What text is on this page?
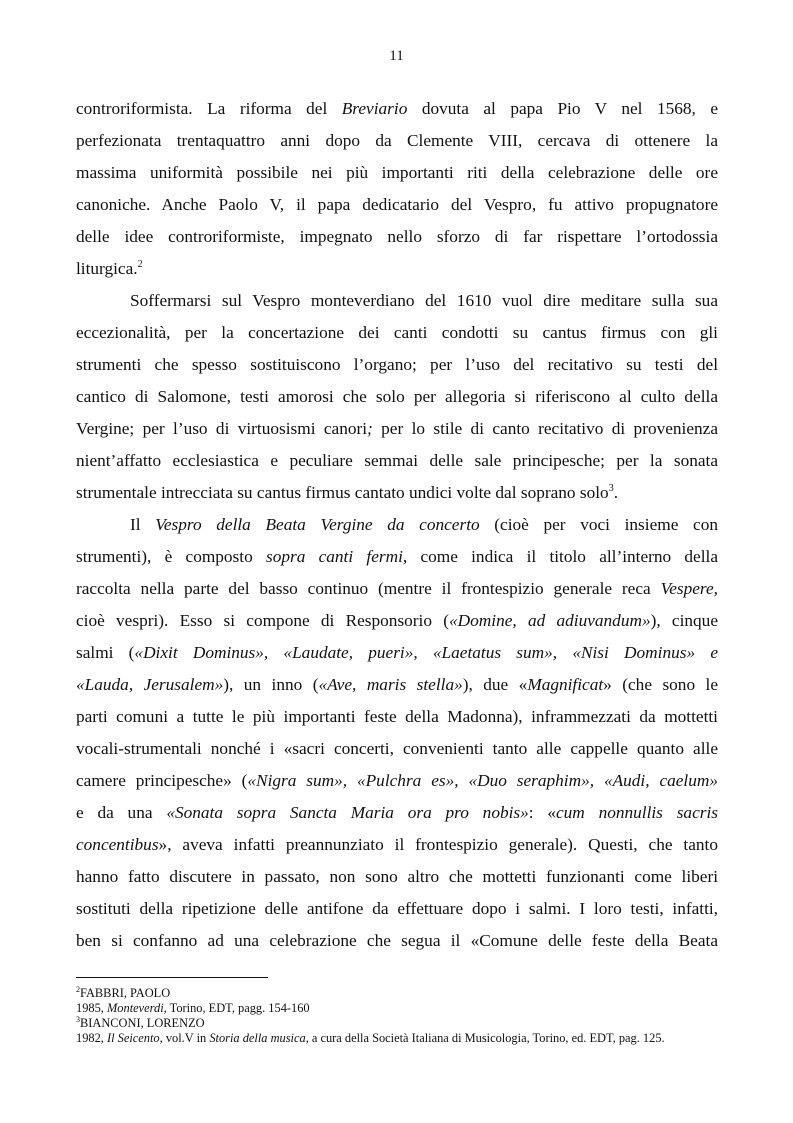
11
controriformista. La riforma del Breviario dovuta al papa Pio V nel 1568, e
perfezionata trentaquattro anni dopo da Clemente VIII, cercava di ottenere la
massima uniformità possibile nei più importanti riti della celebrazione delle ore
canoniche. Anche Paolo V, il papa dedicatario del Vespro, fu attivo propugnatore
delle idee controriformiste, impegnato nello sforzo di far rispettare l’ortodossia
liturgica.$^2$
Soffermarsi sul Vespro monteverdiano del 1610 vuol dire meditare sulla sua
eccezionalità, per la concertazione dei canti condotti su cantus firmus con gli
strumenti che spesso sostituiscono l’organo; per l’uso del recitativo su testi del
cantico di Salomone, testi amorosi che solo per allegoria si riferiscono al culto della
Vergine; per l’uso di virtuosismi canori; per lo stile di canto recitativo di provenienza
nient’affatto ecclesiastica e peculiare semmai delle sale principesche; per la sonata
strumentale intrecciata su cantus firmus cantato undici volte dal soprano solo$^3$.
Il Vespro della Beata Vergine da concerto (cioè per voci insieme con
strumenti), è composto sopra canti fermi, come indica il titolo all’interno della
raccolta nella parte del basso continuo (mentre il frontespizio generale reca Vespere,
cioè vespri). Esso si compone di Responsorio («Domine, ad adiuvandum»), cinque
salmi («Dixit Dominus», «Laudate, pueri», «Laetatus sum», «Nisi Dominus» e
«Lauda, Jerusalem»), un inno («Ave, maris stella»), due «Magnificat» (che sono le
parti comuni a tutte le più importanti feste della Madonna), inframmezzati da mottetti
vocali-strumentali nonché i «sacri concerti, convenienti tanto alle cappelle quanto alle
camere principesche» («Nigra sum», «Pulchra es», «Duo seraphim», «Audi, caelum»
e da una «Sonata sopra Sancta Maria ora pro nobis»: «cum nonnullis sacris
concentibus», aveva infatti preannunziato il frontespizio generale). Questi, che tanto
hanno fatto discutere in passato, non sono altro che mottetti funzionanti come liberi
sostituti della ripetizione delle antifone da effettuare dopo i salmi. I loro testi, infatti,
ben si confanno ad una celebrazione che segua il «Comune delle feste della Beata
$^2$FABBRI, PAOLO
1985, Monteverdi, Torino, EDT, pagg. 154-160
$^3$BIANCONI, LORENZO
1982, Il Seicento, vol.V in Storia della musica, a cura della Società Italiana di Musicologia, Torino, ed. EDT, pag. 125.
